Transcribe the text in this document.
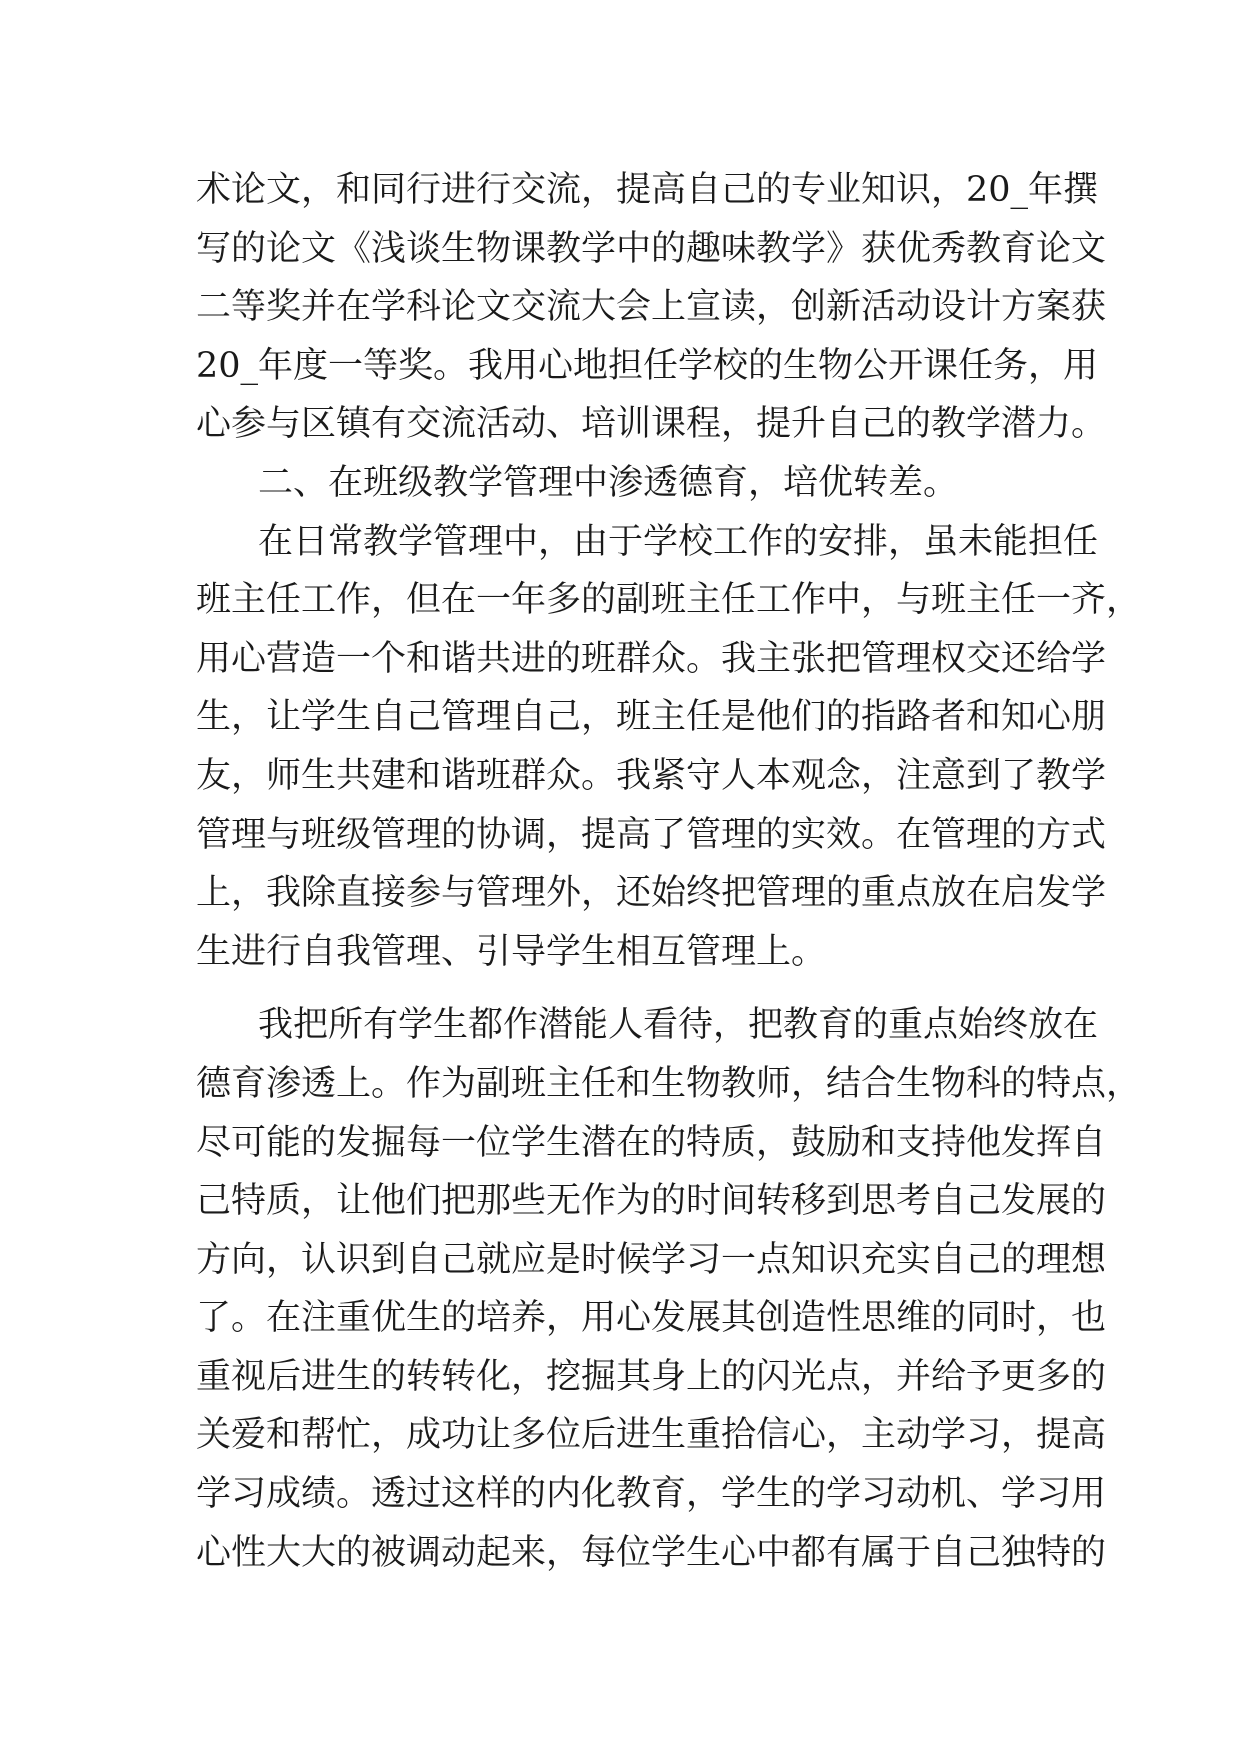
术论文，和同行进行交流，提高自己的专业知识，20_年撰
写的论文《浅谈生物课教学中的趣味教学》获优秀教育论文
二等奖并在学科论文交流大会上宣读，创新活动设计方案获
20_年度一等奖。我用心地担任学校的生物公开课任务，用
心参与区镇有交流活动、培训课程，提升自己的教学潜力。
二、在班级教学管理中渗透德育，培优转差。
在日常教学管理中，由于学校工作的安排，虽未能担任
班主任工作，但在一年多的副班主任工作中，与班主任一齐，
用心营造一个和谐共进的班群众。我主张把管理权交还给学
生，让学生自己管理自己，班主任是他们的指路者和知心朋
友，师生共建和谐班群众。我紧守人本观念，注意到了教学
管理与班级管理的协调，提高了管理的实效。在管理的方式
上，我除直接参与管理外，还始终把管理的重点放在启发学
生进行自我管理、引导学生相互管理上。
我把所有学生都作潜能人看待，把教育的重点始终放在
德育渗透上。作为副班主任和生物教师，结合生物科的特点，
尽可能的发掘每一位学生潜在的特质，鼓励和支持他发挥自
己特质，让他们把那些无作为的时间转移到思考自己发展的
方向，认识到自己就应是时候学习一点知识充实自己的理想
了。在注重优生的培养，用心发展其创造性思维的同时，也
重视后进生的转转化，挖掘其身上的闪光点，并给予更多的
关爱和帮忙，成功让多位后进生重拾信心，主动学习，提高
学习成绩。透过这样的内化教育，学生的学习动机、学习用
心性大大的被调动起来，每位学生心中都有属于自己独特的
